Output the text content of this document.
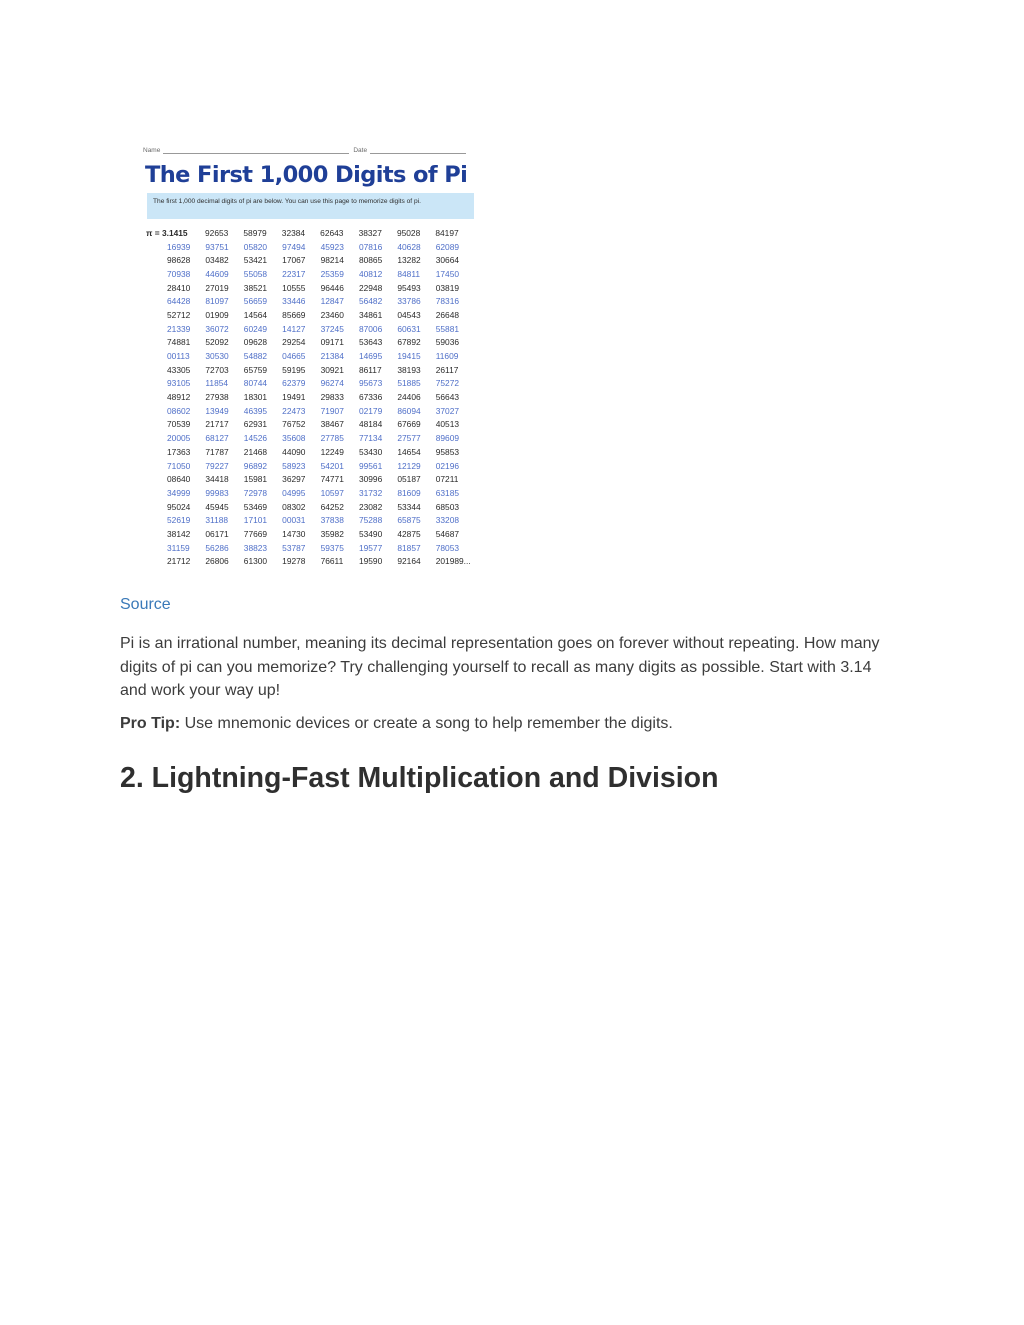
Name	Date
The First 1,000 Digits of Pi
The first 1,000 decimal digits of pi are below. You can use this page to memorize digits of pi.
π = 3.1415	92653	58979	32384	62643	38327	95028	84197
16939	93751	05820	97494	45923	07816	40628	62089
98628	03482	53421	17067	98214	80865	13282	30664
70938	44609	55058	22317	25359	40812	84811	17450
28410	27019	38521	10555	96446	22948	95493	03819
64428	81097	56659	33446	12847	56482	33786	78316
52712	01909	14564	85669	23460	34861	04543	26648
21339	36072	60249	14127	37245	87006	60631	55881
74881	52092	09628	29254	09171	53643	67892	59036
00113	30530	54882	04665	21384	14695	19415	11609
43305	72703	65759	59195	30921	86117	38193	26117
93105	11854	80744	62379	96274	95673	51885	75272
48912	27938	18301	19491	29833	67336	24406	56643
08602	13949	46395	22473	71907	02179	86094	37027
70539	21717	62931	76752	38467	48184	67669	40513
20005	68127	14526	35608	27785	77134	27577	89609
17363	71787	21468	44090	12249	53430	14654	95853
71050	79227	96892	58923	54201	99561	12129	02196
08640	34418	15981	36297	74771	30996	05187	07211
34999	99983	72978	04995	10597	31732	81609	63185
95024	45945	53469	08302	64252	23082	53344	68503
52619	31188	17101	00031	37838	75288	65875	33208
38142	06171	77669	14730	35982	53490	42875	54687
31159	56286	38823	53787	59375	19577	81857	78053
21712	26806	61300	19278	76611	19590	92164	201989...
Source

Pi is an irrational number, meaning its decimal representation goes on forever without repeating. How many digits of pi can you memorize? Try challenging yourself to recall as many digits as possible. Start with 3.14 and work your way up!

Pro Tip: Use mnemonic devices or create a song to help remember the digits.

2. Lightning-Fast Multiplication and Division
